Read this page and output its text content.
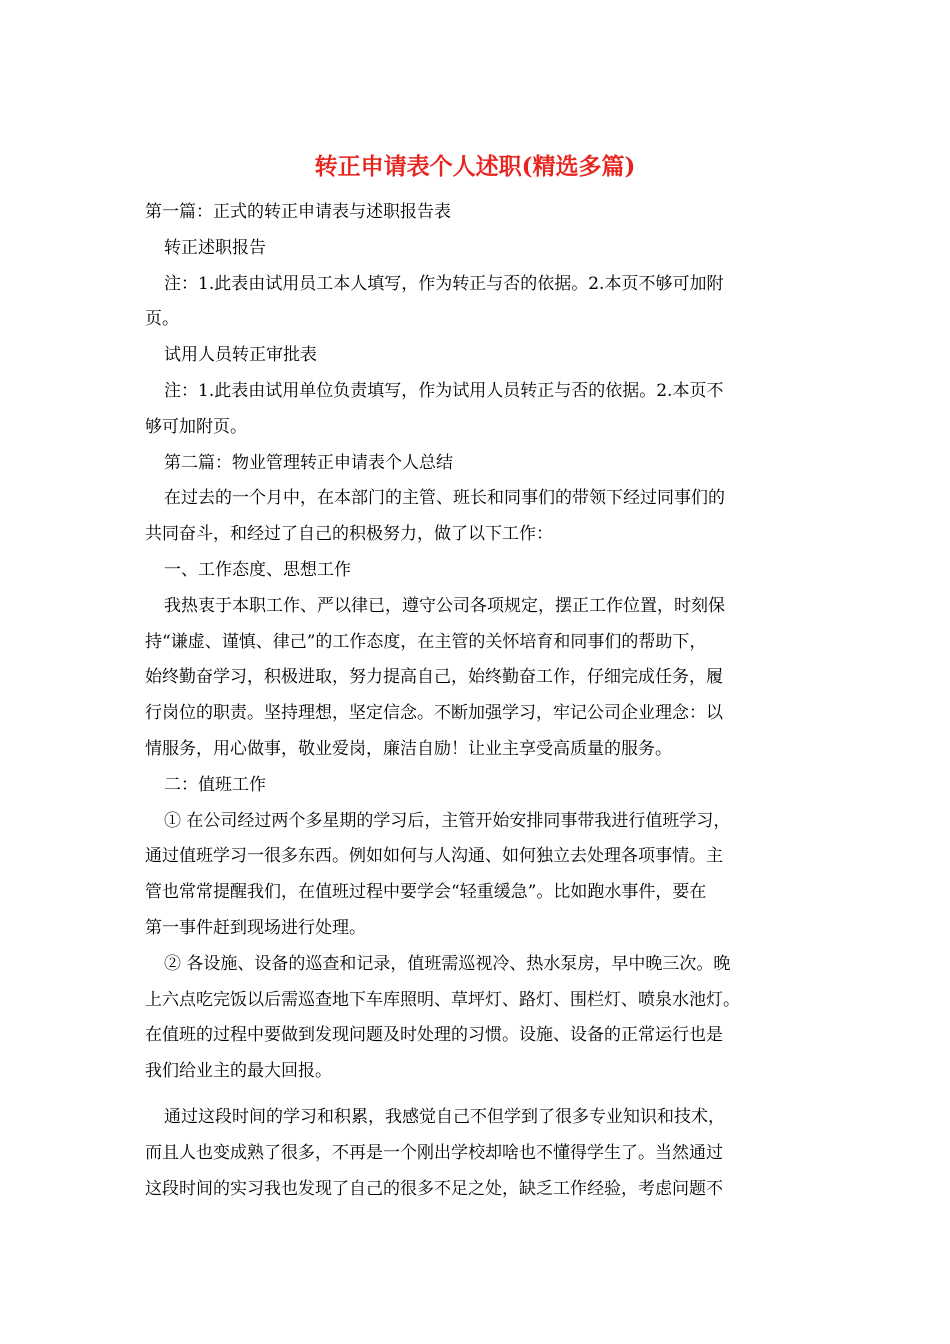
转正申请表个人述职(精选多篇)
第一篇：正式的转正申请表与述职报告表
转正述职报告
注：1.此表由试用员工本人填写，作为转正与否的依据。2.本页不够可加附
页。
试用人员转正审批表
注：1.此表由试用单位负责填写，作为试用人员转正与否的依据。2.本页不
够可加附页。
第二篇：物业管理转正申请表个人总结
在过去的一个月中，在本部门的主管、班长和同事们的带领下经过同事们的
共同奋斗，和经过了自己的积极努力，做了以下工作：
一、工作态度、思想工作
我热衷于本职工作、严以律已，遵守公司各项规定，摆正工作位置，时刻保
持“谦虚、谨慎、律己”的工作态度，在主管的关怀培育和同事们的帮助下，
始终勤奋学习，积极进取，努力提高自己，始终勤奋工作，仔细完成任务，履
行岗位的职责。坚持理想，坚定信念。不断加强学习，牢记公司企业理念：以
情服务，用心做事，敬业爱岗，廉洁自励！让业主享受高质量的服务。
二：值班工作
① 在公司经过两个多星期的学习后，主管开始安排同事带我进行值班学习，
通过值班学习一很多东西。例如如何与人沟通、如何独立去处理各项事情。主
管也常常提醒我们，在值班过程中要学会“轻重缓急”。比如跑水事件，要在
第一事件赶到现场进行处理。
② 各设施、设备的巡查和记录，值班需巡视冷、热水泵房，早中晚三次。晚
上六点吃完饭以后需巡查地下车库照明、草坪灯、路灯、围栏灯、喷泉水池灯。
在值班的过程中要做到发现问题及时处理的习惯。设施、设备的正常运行也是
我们给业主的最大回报。
通过这段时间的学习和积累，我感觉自己不但学到了很多专业知识和技术，
而且人也变成熟了很多，不再是一个刚出学校却啥也不懂得学生了。当然通过
这段时间的实习我也发现了自己的很多不足之处，缺乏工作经验，考虑问题不
